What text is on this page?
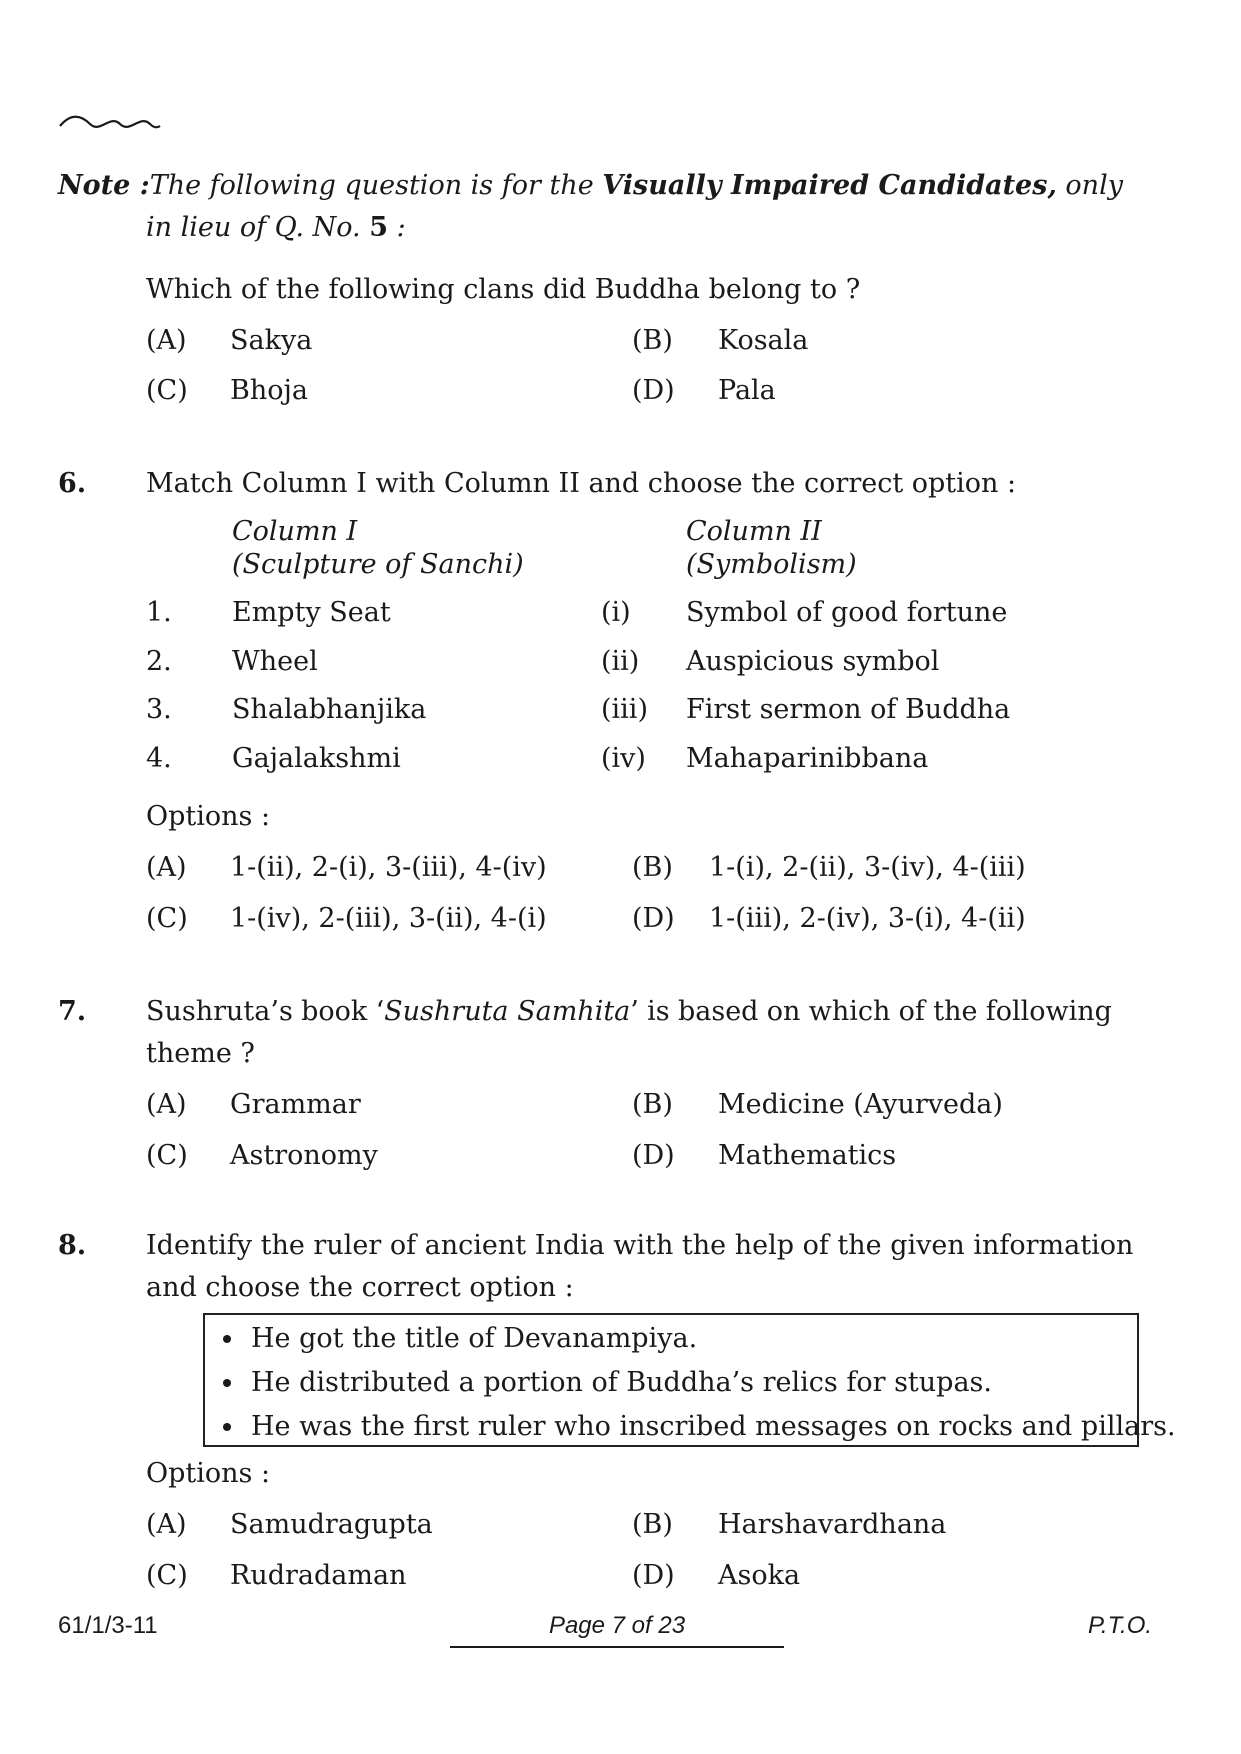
Note :The following question is for the Visually Impaired Candidates, only
in lieu of Q. No. 5 :
Which of the following clans did Buddha belong to ?
(A) Sakya	(B) Kosala
(C) Bhoja	(D) Pala
6. Match Column I with Column II and choose the correct option :
Column I
(Sculpture of Sanchi)
Column II
(Symbolism)
1. Empty Seat	(i) Symbol of good fortune
2. Wheel	(ii) Auspicious symbol
3. Shalabhanjika	(iii) First sermon of Buddha
4. Gajalakshmi	(iv) Mahaparinibbana
Options :
(A) 1-(ii), 2-(i), 3-(iii), 4-(iv)	(B) 1-(i), 2-(ii), 3-(iv), 4-(iii)
(C) 1-(iv), 2-(iii), 3-(ii), 4-(i)	(D) 1-(iii), 2-(iv), 3-(i), 4-(ii)
7. Sushruta’s book ‘Sushruta Samhita’ is based on which of the following
theme ?
(A) Grammar	(B) Medicine (Ayurveda)
(C) Astronomy	(D) Mathematics
8. Identify the ruler of ancient India with the help of the given information
and choose the correct option :
He got the title of Devanampiya.
He distributed a portion of Buddha’s relics for stupas.
He was the first ruler who inscribed messages on rocks and pillars.
Options :
(A) Samudragupta	(B) Harshavardhana
(C) Rudradaman	(D) Asoka
61/1/3-11	Page 7 of 23	P.T.O.
